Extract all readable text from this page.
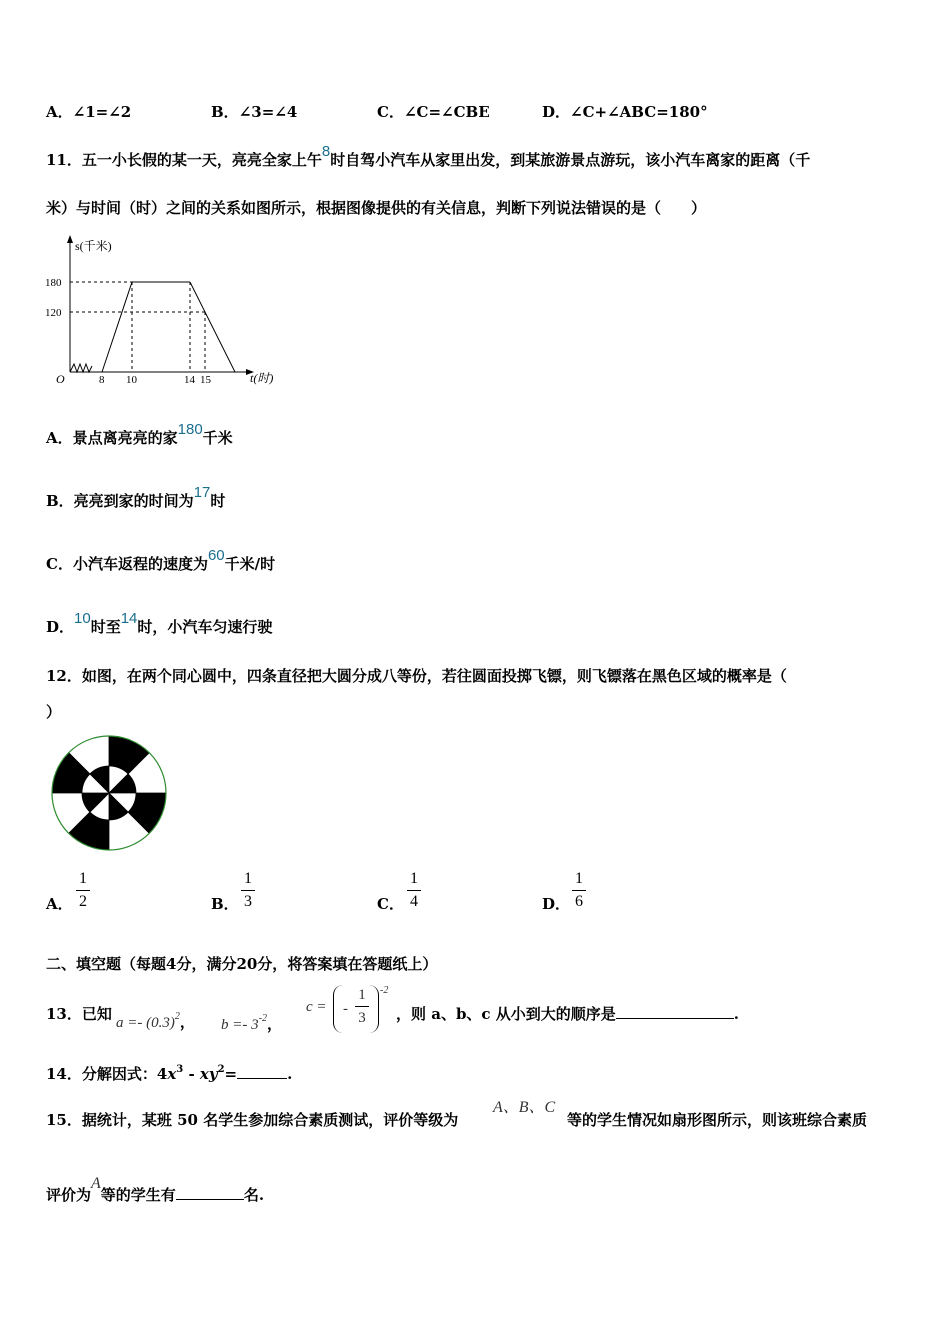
A．∠1=∠2	B．∠3=∠4	C．∠C=∠CBE	D．∠C+∠ABC=180°
11．五一小长假的某一天，亮亮全家上午8时自驾小汽车从家里出发，到某旅游景点游玩，该小汽车离家的距离（千
米）与时间（时）之间的关系如图所示，根据图像提供的有关信息，判断下列说法错误的是（　　）
s(千米)
t(时)
O
180
120
8 10	14 15
A．景点离亮亮的家180千米
B．亮亮到家的时间为17时
C．小汽车返程的速度为60千米/时
D．10时至14时，小汽车匀速行驶
12．如图，在两个同心圆中，四条直径把大圆分成八等份，若往圆面投掷飞镖，则飞镖落在黑色区域的概率是（
）
A．
1
2	B．
1
3	C．
1
4	D．
1
6
二、填空题（每题4分，满分20分，将答案填在答题纸上）
13．已知 $a =- (0.3)^2$， $b =- 3^{-2}$，
c = -
1
3
-2
，则 a、b、c 从小到大的顺序是	.
14．分解因式：$4x^3 - xy^2=$	.
15．据统计，某班 50 名学生参加综合素质测试，评价等级为
A、B、C
等的学生情况如扇形图所示，则该班综合素质
评价为A等的学生有	名.
